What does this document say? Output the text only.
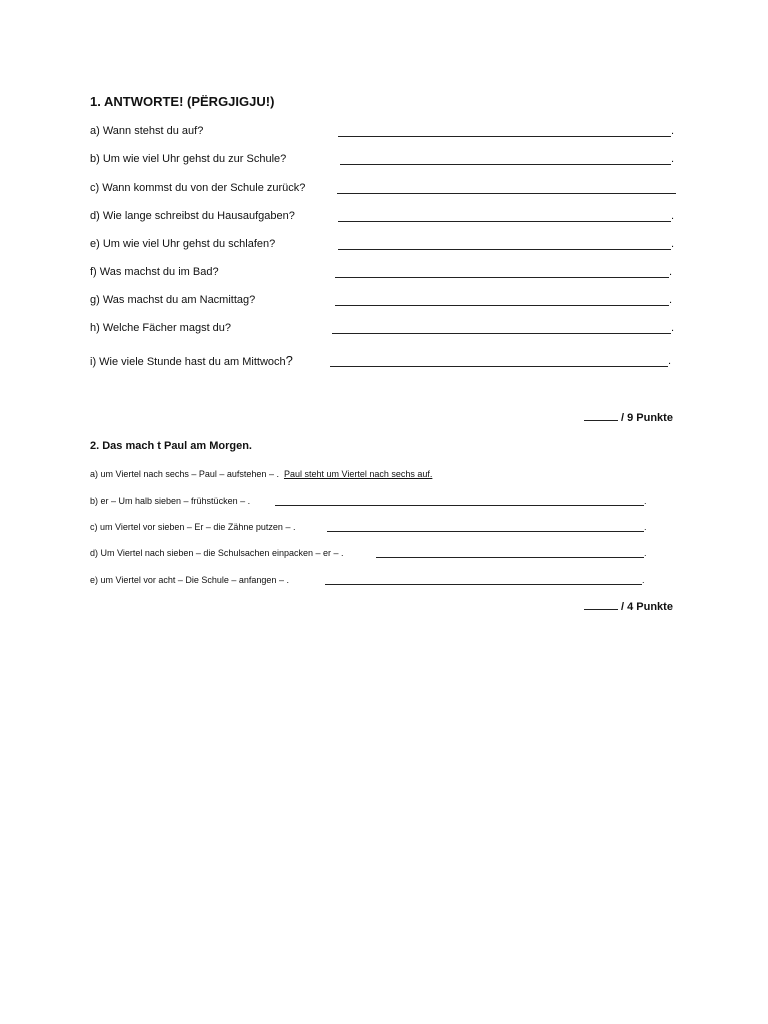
1. ANTWORTE! (PËRGJIGJU!)
a) Wann stehst du auf?	.
b) Um wie viel Uhr gehst du zur Schule?	.
c) Wann kommst du von der Schule zurück?
d) Wie lange schreibst du Hausaufgaben?	.
e) Um wie viel Uhr gehst du schlafen?	.
f) Was machst du im Bad?	.
g) Was machst du am Nacmittag?	.
h) Welche Fächer magst du?	.
i) Wie viele Stunde hast du am Mittwoch?	.
/ 9 Punkte
2. Das mach t Paul am Morgen.
a) um Viertel nach sechs – Paul – aufstehen – . Paul steht um Viertel nach sechs auf.
b) er – Um halb sieben – frühstücken – .	.
c) um Viertel vor sieben – Er – die Zähne putzen – .	.
d) Um Viertel nach sieben – die Schulsachen einpacken – er – .	.
e) um Viertel vor acht – Die Schule – anfangen – .	.
/ 4 Punkte
